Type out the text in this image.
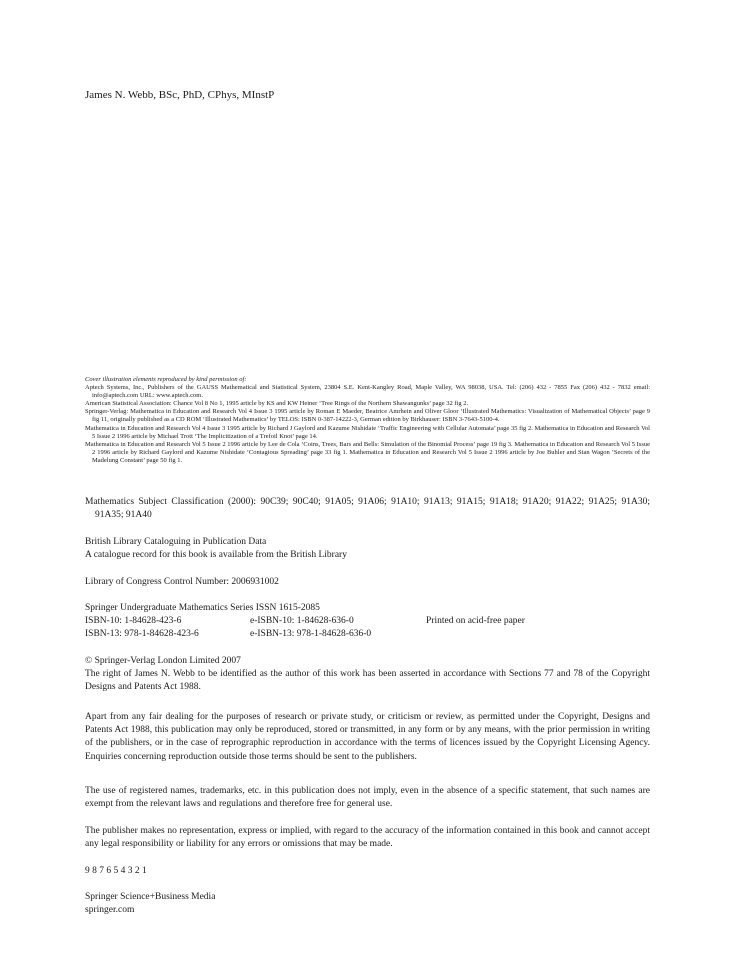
James N. Webb, BSc, PhD, CPhys, MInstP
Cover illustration elements reproduced by kind permission of:
Aptech Systems, Inc., Publishers of the GAUSS Mathematical and Statistical System, 23804 S.E. Kent-Kangley Road, Maple Valley, WA 98038, USA. Tel: (206) 432 - 7855 Fax (206) 432 - 7832 email: info@aptech.com URL: www.aptech.com.
American Statistical Association: Chance Vol 8 No 1, 1995 article by KS and KW Heiner ‘Tree Rings of the Northern Shawangunks’ page 32 fig 2.
Springer-Verlag: Mathematica in Education and Research Vol 4 Issue 3 1995 article by Roman E Maeder, Beatrice Amrhein and Oliver Gloor ‘Illustrated Mathematics: Visualization of Mathematical Objects’ page 9 fig 11, originally published as a CD ROM ‘Illustrated Mathematics’ by TELOS: ISBN 0-387-14222-3, German edition by Birkhauser: ISBN 3-7643-5100-4.
Mathematica in Education and Research Vol 4 Issue 3 1995 article by Richard J Gaylord and Kazume Nishidate ‘Traffic Engineering with Cellular Automata’ page 35 fig 2. Mathematica in Education and Research Vol 5 Issue 2 1996 article by Michael Trott ‘The Implicitization of a Trefoil Knot’ page 14.
Mathematica in Education and Research Vol 5 Issue 2 1996 article by Lee de Cola ‘Coins, Trees, Bars and Bells: Simulation of the Binomial Process’ page 19 fig 3. Mathematica in Education and Research Vol 5 Issue 2 1996 article by Richard Gaylord and Kazume Nishidate ‘Contagious Spreading’ page 33 fig 1. Mathematica in Education and Research Vol 5 Issue 2 1996 article by Joe Buhler and Stan Wagon ‘Secrets of the Madelung Constant’ page 50 fig 1.

Mathematics Subject Classification (2000): 90C39; 90C40; 91A05; 91A06; 91A10; 91A13; 91A15; 91A18; 91A20; 91A22; 91A25; 91A30; 91A35; 91A40

British Library Cataloguing in Publication Data

A catalogue record for this book is available from the British Library

Library of Congress Control Number: 2006931002

Springer Undergraduate Mathematics Series ISSN 1615-2085

ISBN-10: 1-84628-423-6	e-ISBN-10: 1-84628-636-0	Printed on acid-free paper
ISBN-13: 978-1-84628-423-6	e-ISBN-13: 978-1-84628-636-0

© Springer-Verlag London Limited 2007

The right of James N. Webb to be identified as the author of this work has been asserted in accordance with Sections 77 and 78 of the Copyright Designs and Patents Act 1988.

Apart from any fair dealing for the purposes of research or private study, or criticism or review, as permitted under the Copyright, Designs and Patents Act 1988, this publication may only be reproduced, stored or transmitted, in any form or by any means, with the prior permission in writing of the publishers, or in the case of reprographic reproduction in accordance with the terms of licences issued by the Copyright Licensing Agency. Enquiries concerning reproduction outside those terms should be sent to the publishers.

The use of registered names, trademarks, etc. in this publication does not imply, even in the absence of a specific statement, that such names are exempt from the relevant laws and regulations and therefore free for general use.

The publisher makes no representation, express or implied, with regard to the accuracy of the information contained in this book and cannot accept any legal responsibility or liability for any errors or omissions that may be made.

9 8 7 6 5 4 3 2 1

Springer Science+Business Media

springer.com
